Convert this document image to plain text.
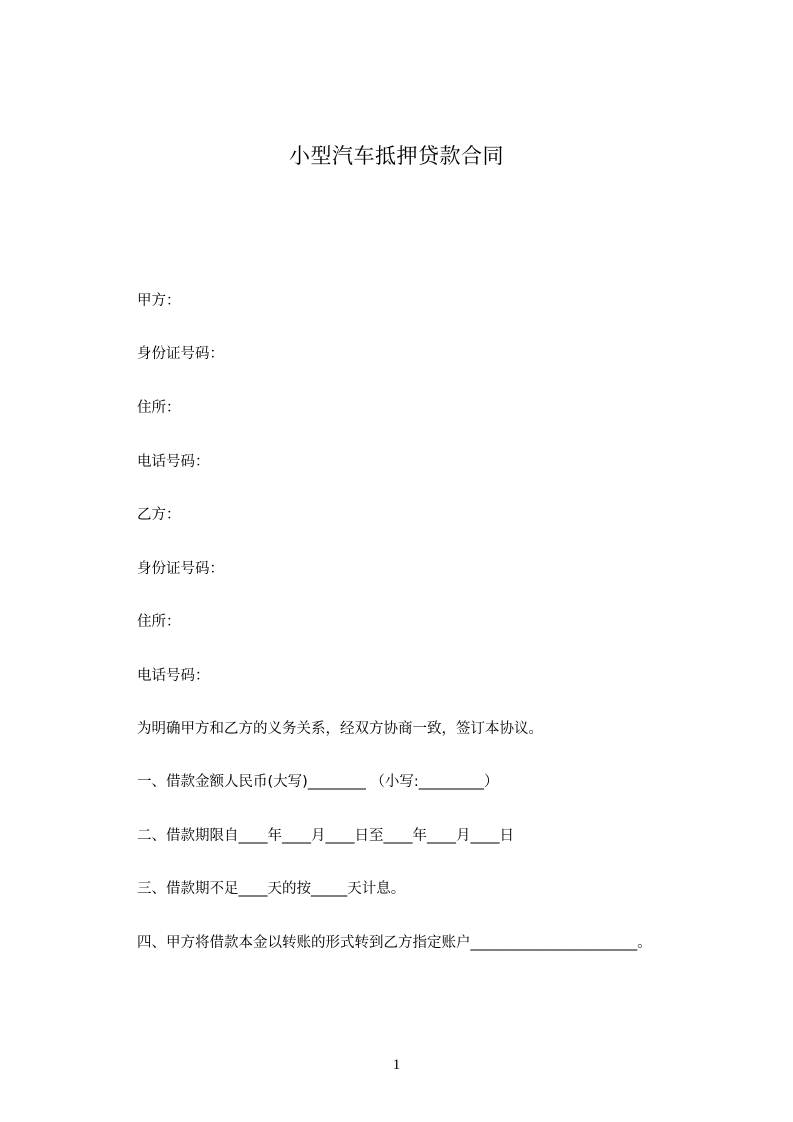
小型汽车抵押贷款合同
甲方：
身份证号码：
住所：
电话号码：
乙方：
身份证号码：
住所：
电话号码：
为明确甲方和乙方的义务关系，经双方协商一致，签订本协议。
一、借款金额人民币(大写)________ （小写:_________）
二、借款期限自____年____月____日至____年____月____日
三、借款期不足____天的按_____天计息。
四、甲方将借款本金以转账的形式转到乙方指定账户_______________________。
1
